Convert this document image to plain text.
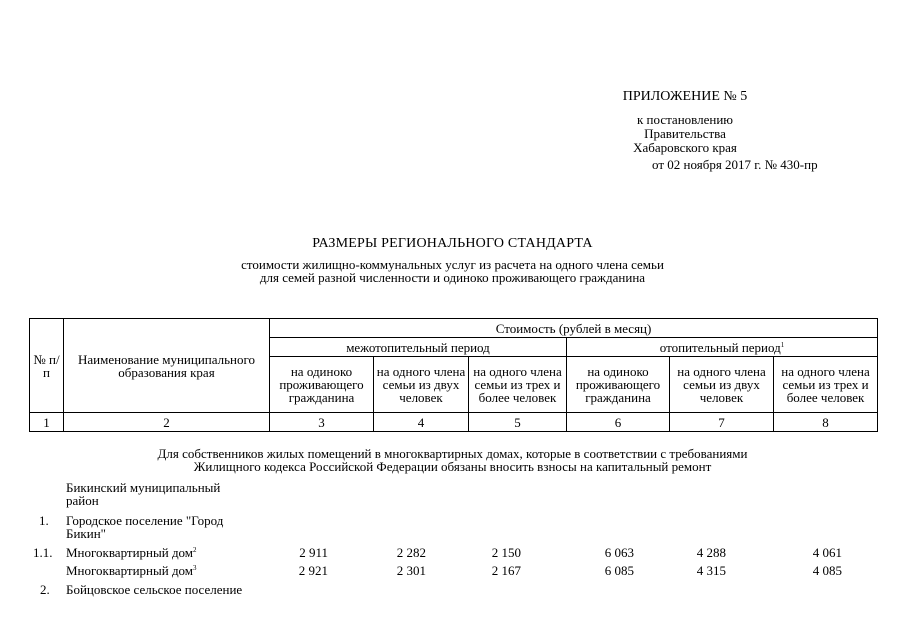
ПРИЛОЖЕНИЕ № 5
к постановлению
Правительства
Хабаровского края
от 02 ноября 2017 г. № 430-пр
РАЗМЕРЫ РЕГИОНАЛЬНОГО СТАНДАРТА
стоимости жилищно-коммунальных услуг из расчета на одного члена семьи
для семей разной численности и одиноко проживающего гражданина
№ п/п	Наименование муниципального образования края	Стоимость (рублей в месяц)					
		межотопительный период			отопительный период$^1$
		на одиноко проживающего гражданина	на одного члена семьи из двух человек	на одного члена семьи из трех и более человек	на одиноко проживающего гражданина	на одного члена семьи из двух человек	на одного члена семьи из трех и более человек
1	2	3	4	5	6	7	8
Для собственников жилых помещений в многоквартирных домах, которые в соответствии с требованиями
Жилищного кодекса Российской Федерации обязаны вносить взносы на капитальный ремонт
Бикинский муниципальный
район
1. Городское поселение "Город
Бикин"
1.1. Многоквартирный дом$^2$	2 911	2 282	2 150	6 063	4 288	4 061
Многоквартирный дом$^3$	2 921	2 301	2 167	6 085	4 315	4 085
2. Бойцовское сельское поселение
